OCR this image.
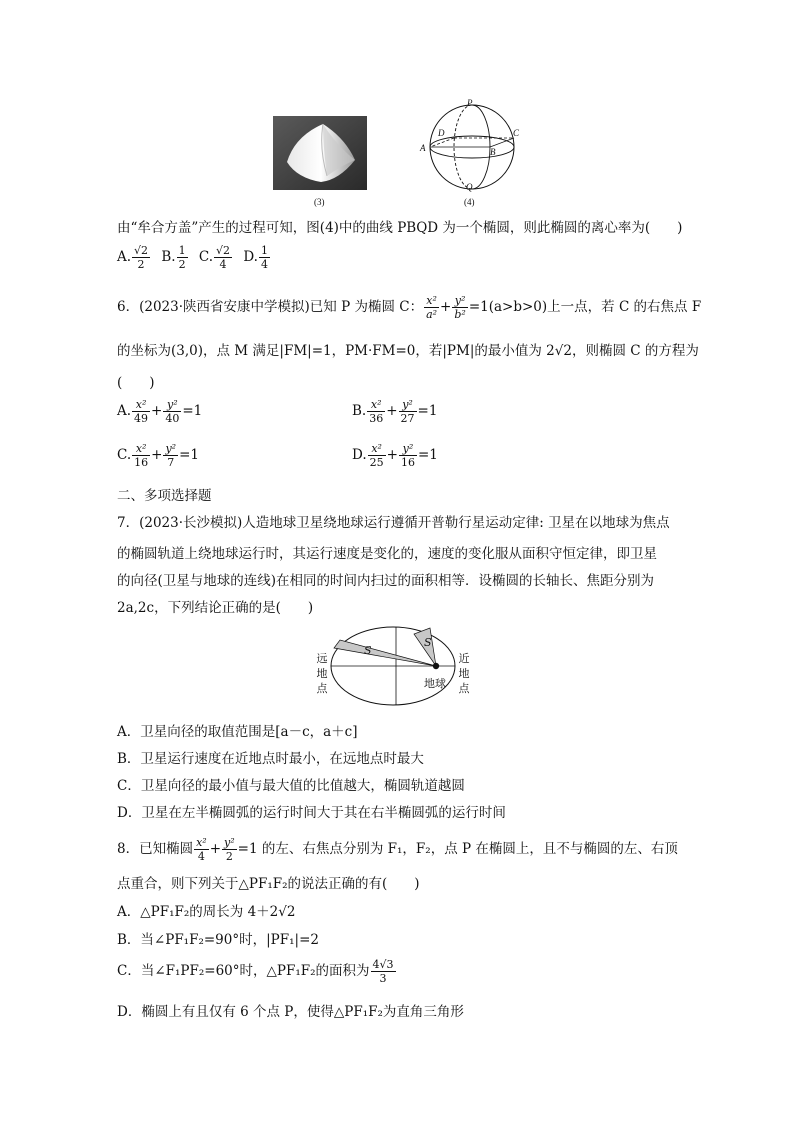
(3)
P
D	C
A	B
Q
(4)
由“牟合方盖”产生的过程可知，图(4)中的曲线 PBQD 为一个椭圆，则此椭圆的离心率为(　　)
A. $\frac{√2}{2} B$. $\frac{1}{2} C$. $\frac{√2}{4} D$. $\frac{1}{4}$
6．(2023·陕西省安康中学模拟)已知 P 为椭圆 C： $\frac{\text{x²}}{\text{a²}} + \frac{\text{y²}}{\text{b²}} =1(a>b>0)$上一点，若 C 的右焦点 F
的坐标为(3,0)，点 M 满足|FM|=1，PM·FM=0，若|PM|的最小值为 2√2，则椭圆 C 的方程为
(　　)
A. $\frac{\text{x²}}{49} + \frac{\text{y²}}{40} =1$	B. $\frac{\text{x²}}{36} + \frac{\text{y²}}{27} =1$
C. $\frac{\text{x²}}{16} + \frac{\text{y²}}{7} =1$	D. $\frac{\text{x²}}{25} + \frac{\text{y²}}{16} =1$
二、多项选择题
7．(2023·长沙模拟)人造地球卫星绕地球运行遵循开普勒行星运动定律: 卫星在以地球为焦点
的椭圆轨道上绕地球运行时，其运行速度是变化的，速度的变化服从面积守恒定律，即卫星
的向径(卫星与地球的连线)在相同的时间内扫过的面积相等．设椭圆的长轴长、焦距分别为
2a,2c，下列结论正确的是(　　)
S
S
远
地
点
近
地
点
地球
A．卫星向径的取值范围是[a－c，a＋c]
B．卫星运行速度在近地点时最小，在远地点时最大
C．卫星向径的最小值与最大值的比值越大，椭圆轨道越圆
D．卫星在左半椭圆弧的运行时间大于其在右半椭圆弧的运行时间
8．已知椭圆 $\frac{\text{x²}}{4} + \frac{\text{y²}}{2} =1$ 的左、右焦点分别为 F₁，F₂，点 P 在椭圆上，且不与椭圆的左、右顶
点重合，则下列关于△PF₁F₂的说法正确的有(　　)
A．△PF₁F₂的周长为 4＋2√2
B．当∠PF₁F₂=90°时，|PF₁|=2
C．当∠F₁PF₂=60°时，△PF₁F₂的面积为 $\frac{4√3}{3}$
D．椭圆上有且仅有 6 个点 P，使得△PF₁F₂为直角三角形
